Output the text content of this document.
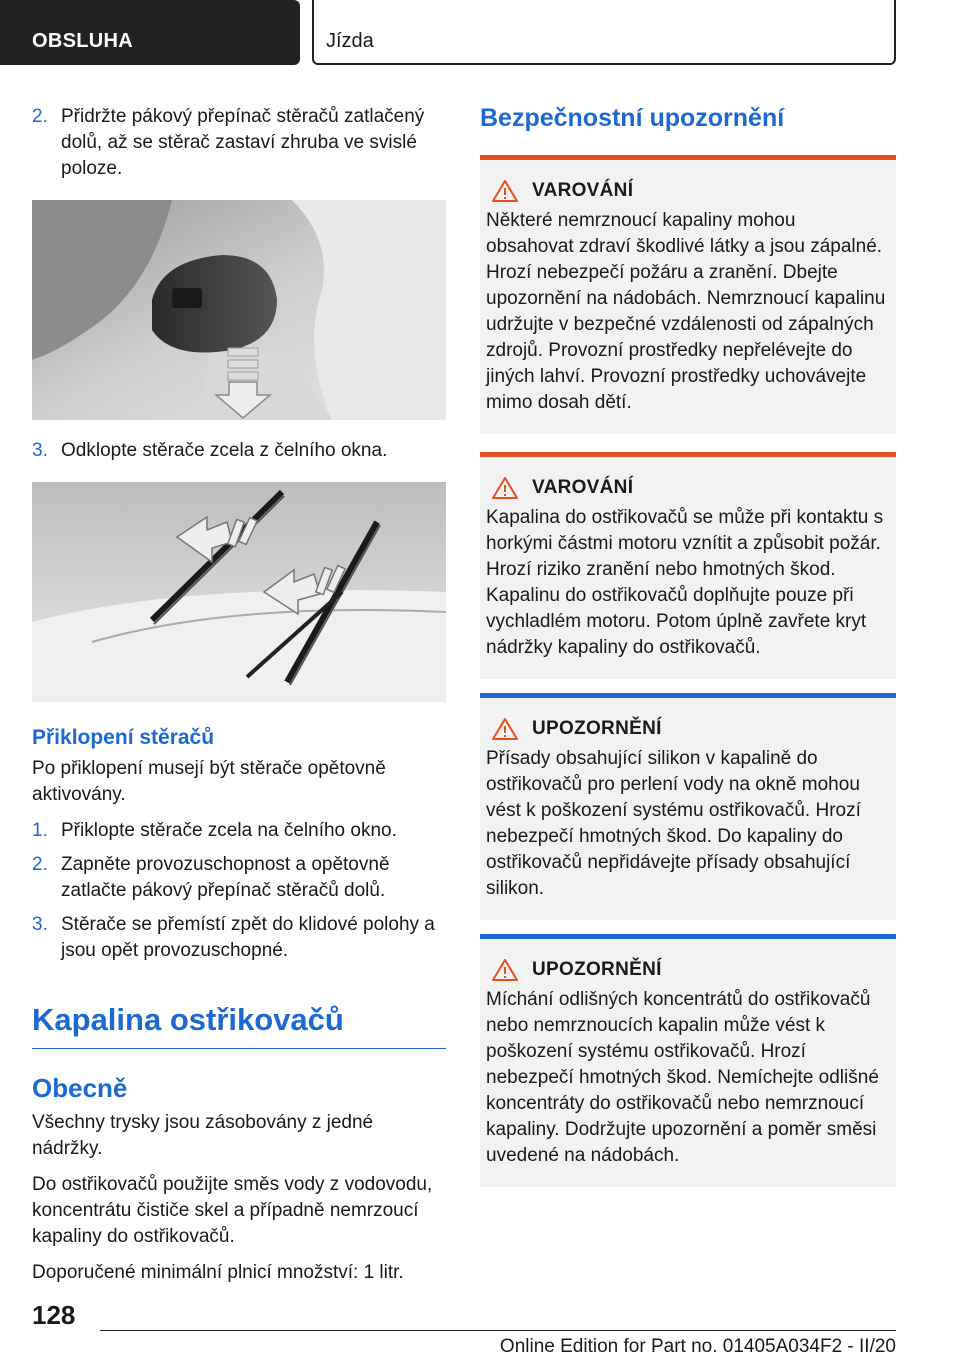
OBSLUHA	Jízda
2. Přidržte pákový přepínač stěračů zatlačený dolů, až se stěrač zastaví zhruba ve svislé poloze.
3. Odklopte stěrače zcela z čelního okna.
Přiklopení stěračů
Po přiklopení musejí být stěrače opětovně aktivovány.
1. Přiklopte stěrače zcela na čelního okno.
2. Zapněte provozuschopnost a opětovně zatlačte pákový přepínač stěračů dolů.
3. Stěrače se přemístí zpět do klidové polohy a jsou opět provozuschopné.
Kapalina ostřikovačů
Obecně
Všechny trysky jsou zásobovány z jedné nádržky.
Do ostřikovačů použijte směs vody z vodovodu, koncentrátu čističe skel a případně nemrzoucí kapaliny do ostřikovačů.
Doporučené minimální plnicí množství: 1 litr.
Bezpečnostní upozornění
VAROVÁNÍ
Některé nemrznoucí kapaliny mohou obsahovat zdraví škodlivé látky a jsou zápalné. Hrozí nebezpečí požáru a zranění. Dbejte upozornění na nádobách. Nemrznoucí kapalinu udržujte v bezpečné vzdálenosti od zápalných zdrojů. Provozní prostředky nepřelévejte do jiných lahví. Provozní prostředky uchovávejte mimo dosah dětí.
VAROVÁNÍ
Kapalina do ostřikovačů se může při kontaktu s horkými částmi motoru vznítit a způsobit požár. Hrozí riziko zranění nebo hmotných škod. Kapalinu do ostřikovačů doplňujte pouze při vychladlém motoru. Potom úplně zavřete kryt nádržky kapaliny do ostřikovačů.
UPOZORNĚNÍ
Přísady obsahující silikon v kapalině do ostřikovačů pro perlení vody na okně mohou vést k poškození systému ostřikovačů. Hrozí nebezpečí hmotných škod. Do kapaliny do ostřikovačů nepřidávejte přísady obsahující silikon.
UPOZORNĚNÍ
Míchání odlišných koncentrátů do ostřikovačů nebo nemrznoucích kapalin může vést k poškození systému ostřikovačů. Hrozí nebezpečí hmotných škod. Nemíchejte odlišné koncentráty do ostřikovačů nebo nemrznoucí kapaliny. Dodržujte upozornění a poměr směsi uvedené na nádobách.
128
Online Edition for Part no. 01405A034F2 - II/20
